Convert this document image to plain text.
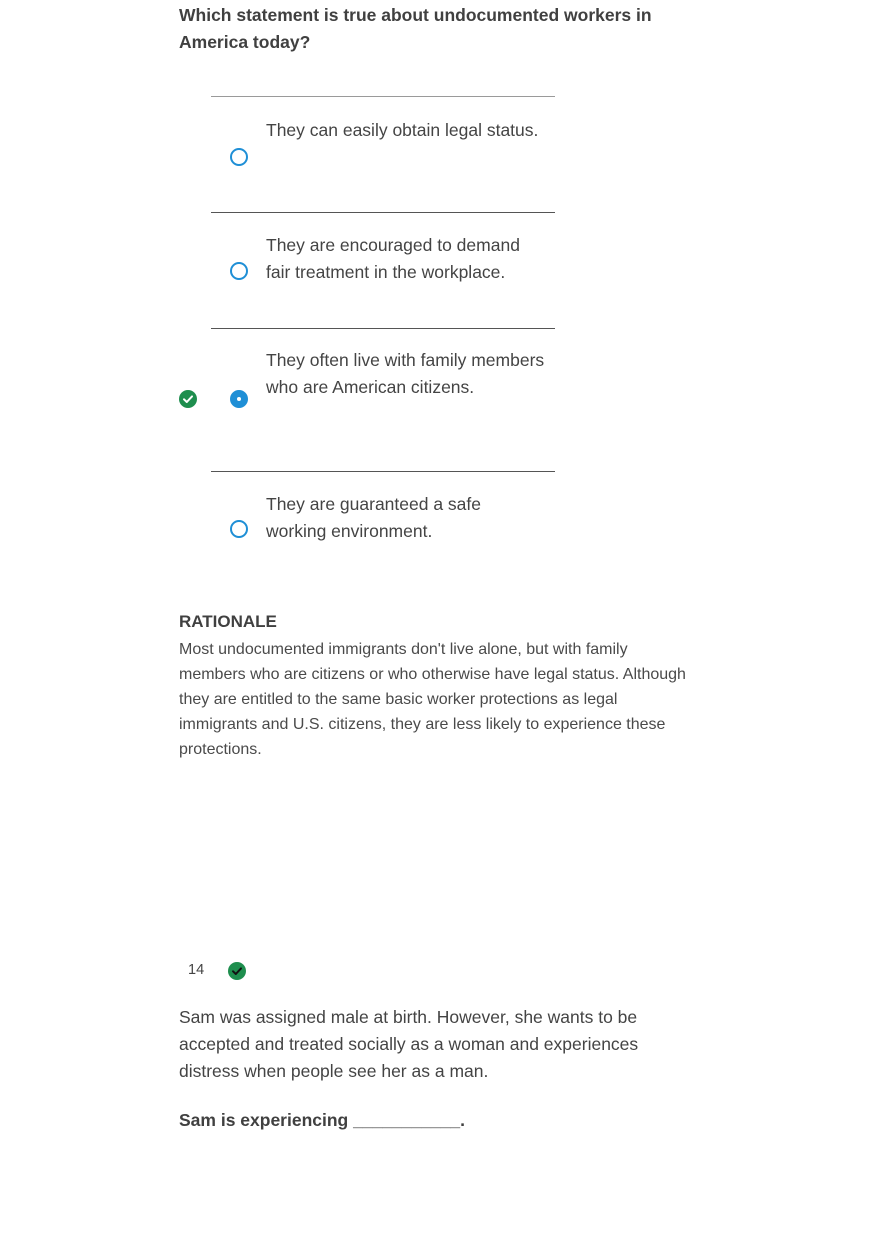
Which statement is true about undocumented workers in America today?
They can easily obtain legal status.
They are encouraged to demand fair treatment in the workplace.
They often live with family members who are American citizens.
They are guaranteed a safe working environment.
RATIONALE
Most undocumented immigrants don't live alone, but with family members who are citizens or who otherwise have legal status. Although they are entitled to the same basic worker protections as legal immigrants and U.S. citizens, they are less likely to experience these protections.
14
Sam was assigned male at birth. However, she wants to be accepted and treated socially as a woman and experiences distress when people see her as a man.
Sam is experiencing ___________.
